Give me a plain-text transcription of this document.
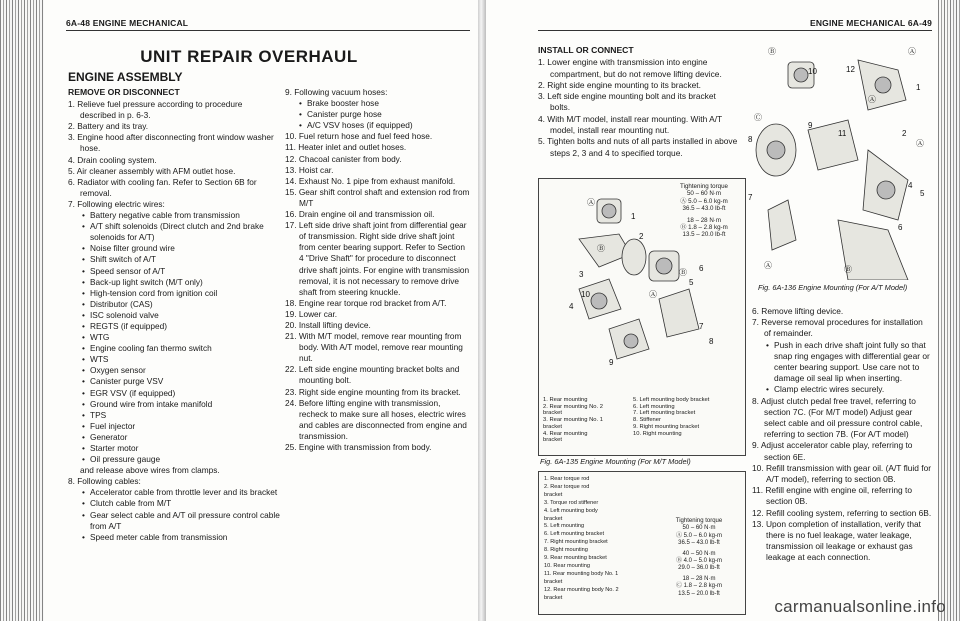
6A-48 ENGINE MECHANICAL
UNIT REPAIR OVERHAUL
ENGINE ASSEMBLY
REMOVE OR DISCONNECT
1. Relieve fuel pressure according to procedure described in p. 6-3.
2. Battery and its tray.
3. Engine hood after disconnecting front window washer hose.
4. Drain cooling system.
5. Air cleaner assembly with AFM outlet hose.
6. Radiator with cooling fan. Refer to Section 6B for removal.
7. Following electric wires:
• Battery negative cable from transmission
• A/T shift solenoids (Direct clutch and 2nd brake solenoids for A/T)
• Noise filter ground wire
• Shift switch of A/T
• Speed sensor of A/T
• Back-up light switch (M/T only)
• High-tension cord from ignition coil
• Distributor (CAS)
• ISC solenoid valve
• REGTS (if equipped)
• WTG
• Engine cooling fan thermo switch
• WTS
• Oxygen sensor
• Canister purge VSV
• EGR VSV (if equipped)
• Ground wire from intake manifold
• TPS
• Fuel injector
• Generator
• Starter motor
• Oil pressure gauge
and release above wires from clamps.
8. Following cables:
• Accelerator cable from throttle lever and its bracket
• Clutch cable from M/T
• Gear select cable and A/T oil pressure control cable from A/T
• Speed meter cable from transmission
9. Following vacuum hoses:
• Brake booster hose
• Canister purge hose
• A/C VSV hoses (if equipped)
10. Fuel return hose and fuel feed hose.
11. Heater inlet and outlet hoses.
12. Chacoal canister from body.
13. Hoist car.
14. Exhaust No. 1 pipe from exhaust manifold.
15. Gear shift control shaft and extension rod from M/T
16. Drain engine oil and transmission oil.
17. Left side drive shaft joint from differential gear of transmission. Right side drive shaft joint from center bearing support. Refer to Section 4 "Drive Shaft" for procedure to disconnect drive shaft joints. For engine with transmission removal, it is not necessary to remove drive shaft from steering knuckle.
18. Engine rear torque rod bracket from A/T.
19. Lower car.
20. Install lifting device.
21. With M/T model, remove rear mounting from body. With A/T model, remove rear mounting nut.
22. Left side engine mounting bracket bolts and mounting bolt.
23. Right side engine mounting from its bracket.
24. Before lifting engine with transmission, recheck to make sure all hoses, electric wires and cables are disconnected from engine and transmission.
25. Engine with transmission from body.
ENGINE MECHANICAL 6A-49
INSTALL OR CONNECT
1. Lower engine with transmission into engine compartment, but do not remove lifting device.
2. Right side engine mounting to its bracket.
3. Left side engine mounting bolt and its bracket bolts.
4. With M/T model, install rear mounting. With A/T model, install rear mounting nut.
5. Tighten bolts and nuts of all parts installed in above steps 2, 3 and 4 to specified torque.
Ⓐ
1
Ⓑ
2
3	Ⓑ
5
6
4
10
7
8
9
Ⓐ
Tightening torque
50 – 60 N·m
Ⓐ 5.0 – 6.0 kg-m
36.5 – 43.0 lb-ft
18 – 28 N·m
Ⓑ 1.8 – 2.8 kg-m
13.5 – 20.0 lb-ft
1. Rear mounting
2. Rear mounting No. 2
bracket
3. Rear mounting No. 1
bracket
4. Rear mounting
bracket
5. Left mounting body bracket
6. Left mounting
7. Left mounting bracket
8. Stiffener
9. Right mounting bracket
10. Right mounting
Fig. 6A-135 Engine Mounting (For M/T Model)
1. Rear torque rod
2. Rear torque rod
bracket
3. Torque rod stiffener
4. Left mounting body
bracket
5. Left mounting
6. Left mounting bracket
7. Right mounting bracket
8. Right mounting
9. Rear mounting bracket
10. Rear mounting
11. Rear mounting body No. 1
bracket
12. Rear mounting body No. 2
bracket
Tightening torque
50 – 60 N·m
Ⓐ 5.0 – 6.0 kg-m
36.5 – 43.0 lb-ft
40 – 50 N·m
Ⓑ 4.0 – 5.0 kg-m
29.0 – 36.0 lb-ft
18 – 28 N·m
Ⓒ 1.8 – 2.8 kg-m
13.5 – 20.0 lb-ft
Ⓑ	Ⓐ
10	12
1
Ⓐ
Ⓒ
9
11	2
Ⓐ
8
4
5
7
6
Ⓐ	Ⓑ
Fig. 6A-136 Engine Mounting (For A/T Model)
6. Remove lifting device.
7. Reverse removal procedures for installation of remainder.
• Push in each drive shaft joint fully so that snap ring engages with differential gear or center bearing support. Use care not to damage oil seal lip when inserting.
• Clamp electric wires securely.
8. Adjust clutch pedal free travel, referring to section 7C. (For M/T model) Adjust gear select cable and oil pressure control cable, referring to section 7B. (For A/T model)
9. Adjust accelerator cable play, referring to section 6E.
10. Refill transmission with gear oil. (A/T fluid for A/T model), referring to section 0B.
11. Refill engine with engine oil, referring to section 0B.
12. Refill cooling system, referring to section 6B.
13. Upon completion of installation, verify that there is no fuel leakage, water leakage, transmission oil leakage or exhaust gas leakage at each connection.
carmanualsonline.info
